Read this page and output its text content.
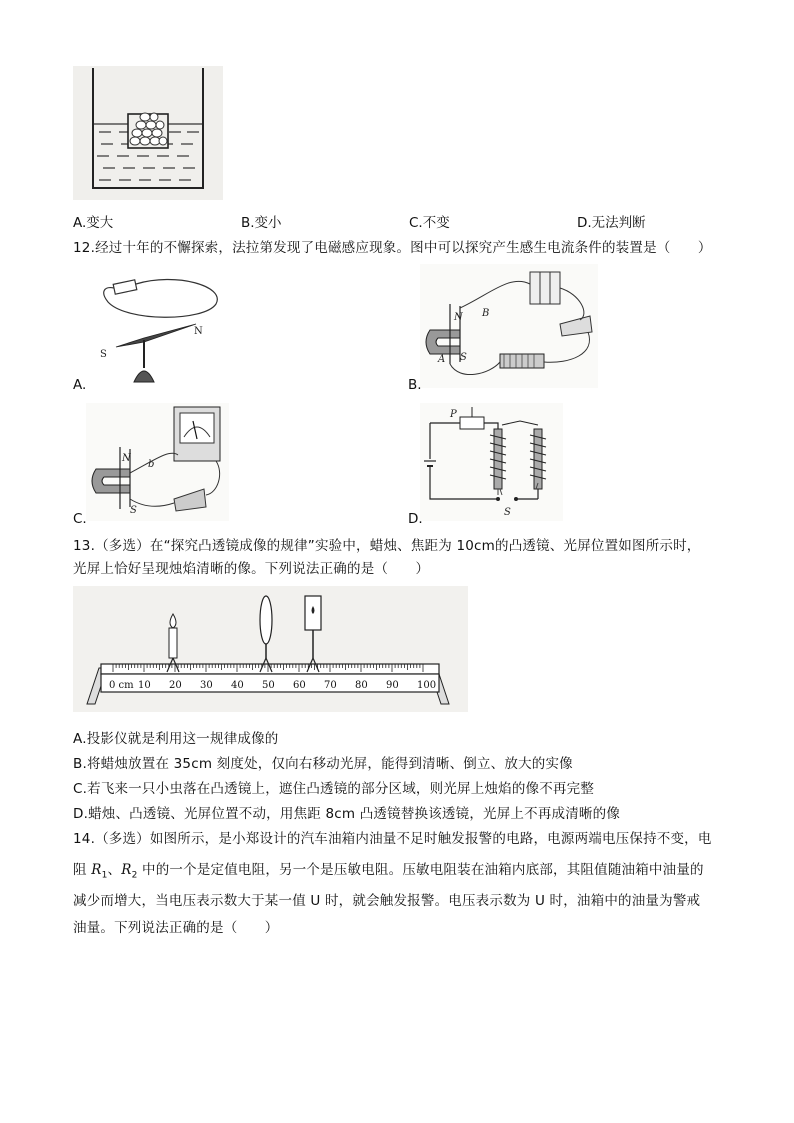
A.变大	B.变小	C.不变	D.无法判断
12.经过十年的不懈探索，法拉第发现了电磁感应现象。图中可以探究产生感生电流条件的装置是（　　）
N
S
A.
N
S
A
B
B.
N
S
b
C.
P
S
D.
13.（多选）在“探究凸透镜成像的规律”实验中，蜡烛、焦距为 10cm的凸透镜、光屏位置如图所示时，
光屏上恰好呈现烛焰清晰的像。下列说法正确的是（　　）
0 cm 10 20 30 40 50 60 70 80 90 100
A.投影仪就是利用这一规律成像的
B.将蜡烛放置在 35cm 刻度处，仅向右移动光屏，能得到清晰、倒立、放大的实像
C.若飞来一只小虫落在凸透镜上，遮住凸透镜的部分区域，则光屏上烛焰的像不再完整
D.蜡烛、凸透镜、光屏位置不动，用焦距 8cm 凸透镜替换该透镜，光屏上不再成清晰的像
14.（多选）如图所示，是小郑设计的汽车油箱内油量不足时触发报警的电路，电源两端电压保持不变，电
阻 $R_1$、$R_2$ 中的一个是定值电阻，另一个是压敏电阻。压敏电阻装在油箱内底部，其阻值随油箱中油量的
减少而增大，当电压表示数大于某一值 U 时，就会触发报警。电压表示数为 U 时，油箱中的油量为警戒
油量。下列说法正确的是（　　）
